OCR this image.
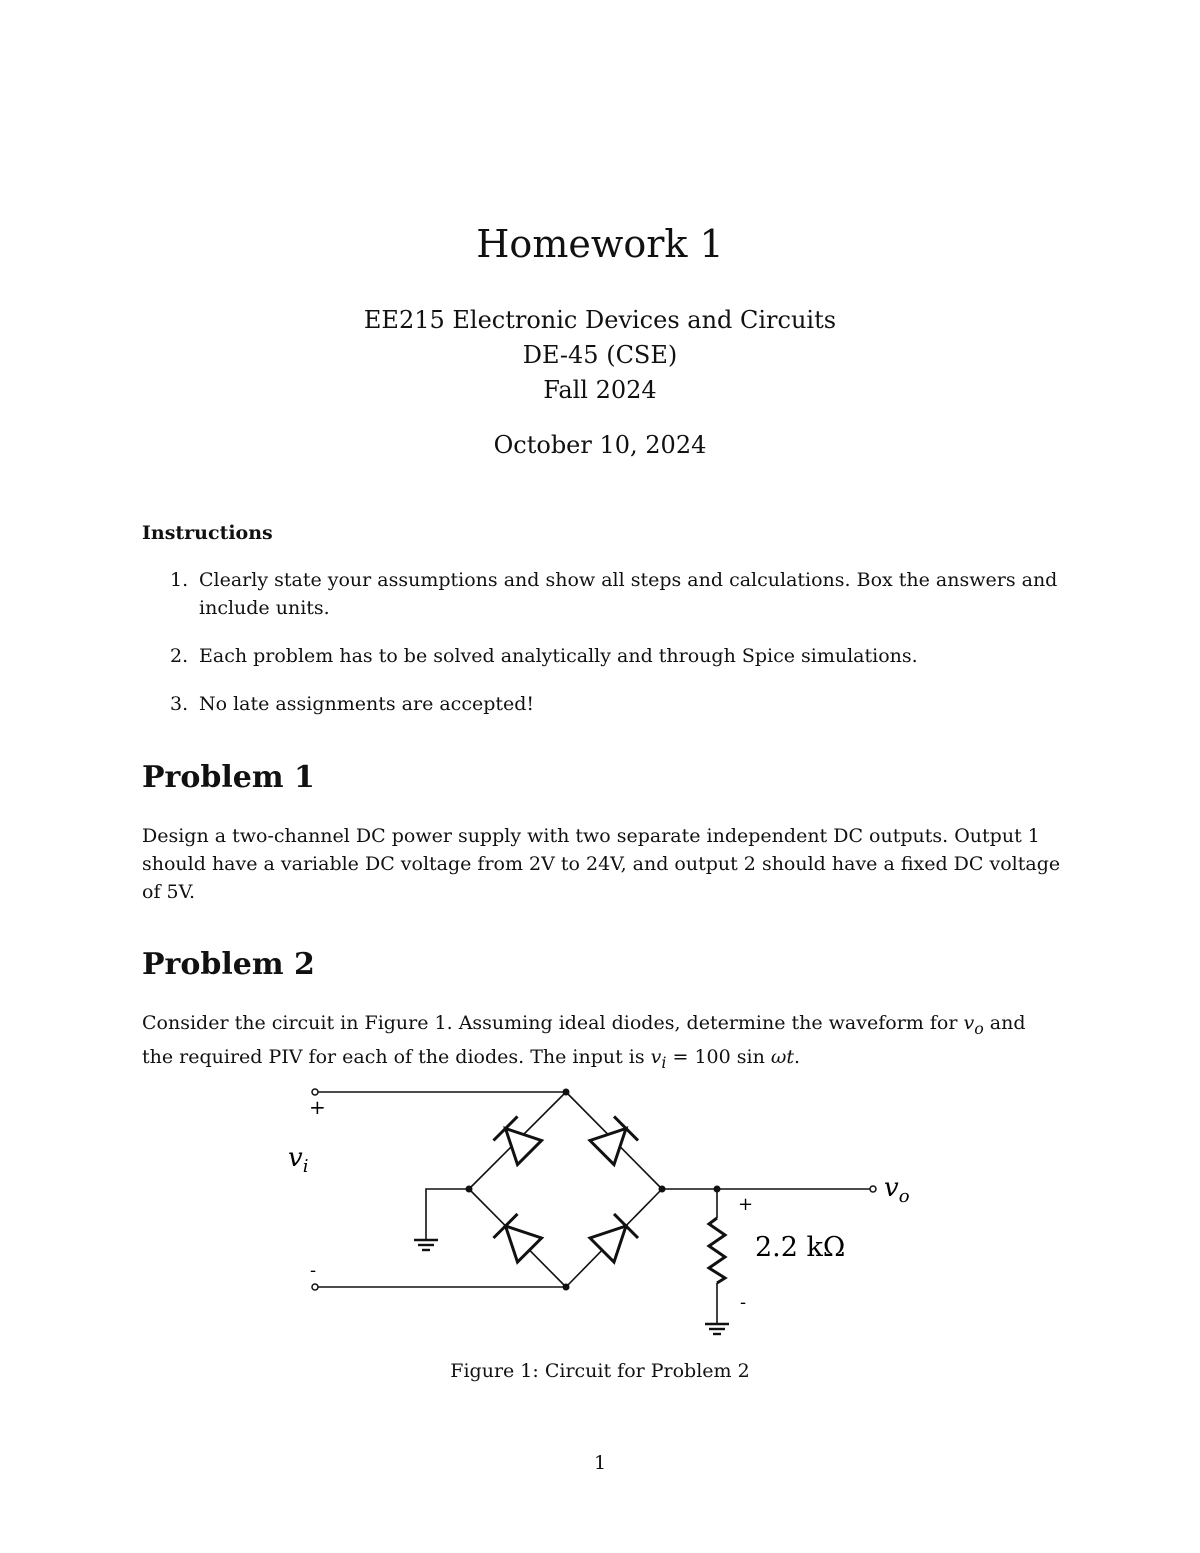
Homework 1
EE215 Electronic Devices and Circuits
DE-45 (CSE)
Fall 2024
October 10, 2024
Instructions
1. Clearly state your assumptions and show all steps and calculations. Box the answers and include units.
2. Each problem has to be solved analytically and through Spice simulations.
3. No late assignments are accepted!
Problem 1
Design a two-channel DC power supply with two separate independent DC outputs. Output 1 should have a variable DC voltage from 2V to 24V, and output 2 should have a fixed DC voltage of 5V.
Problem 2
Consider the circuit in Figure 1. Assuming ideal diodes, determine the waveform for $v_o$ and the required PIV for each of the diodes. The input is $v_i = 100$ sin ωt.
+
-
$v_i$
$v_o$
+
-
2.2 kΩ
Figure 1: Circuit for Problem 2
1
